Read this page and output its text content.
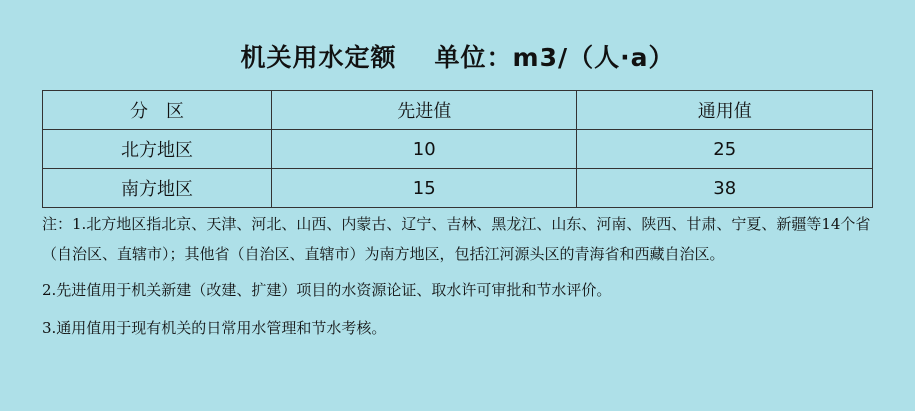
机关用水定额 单位：m3/（人·a）
分　区	先进值	通用值
北方地区	10	25
南方地区	15	38

注：1.北方地区指北京、天津、河北、山西、内蒙古、辽宁、吉林、黑龙江、山东、河南、陕西、甘肃、宁夏、新疆等14个省（自治区、直辖市）；其他省（自治区、直辖市）为南方地区，包括江河源头区的青海省和西藏自治区。

2.先进值用于机关新建（改建、扩建）项目的水资源论证、取水许可审批和节水评价。

3.通用值用于现有机关的日常用水管理和节水考核。
